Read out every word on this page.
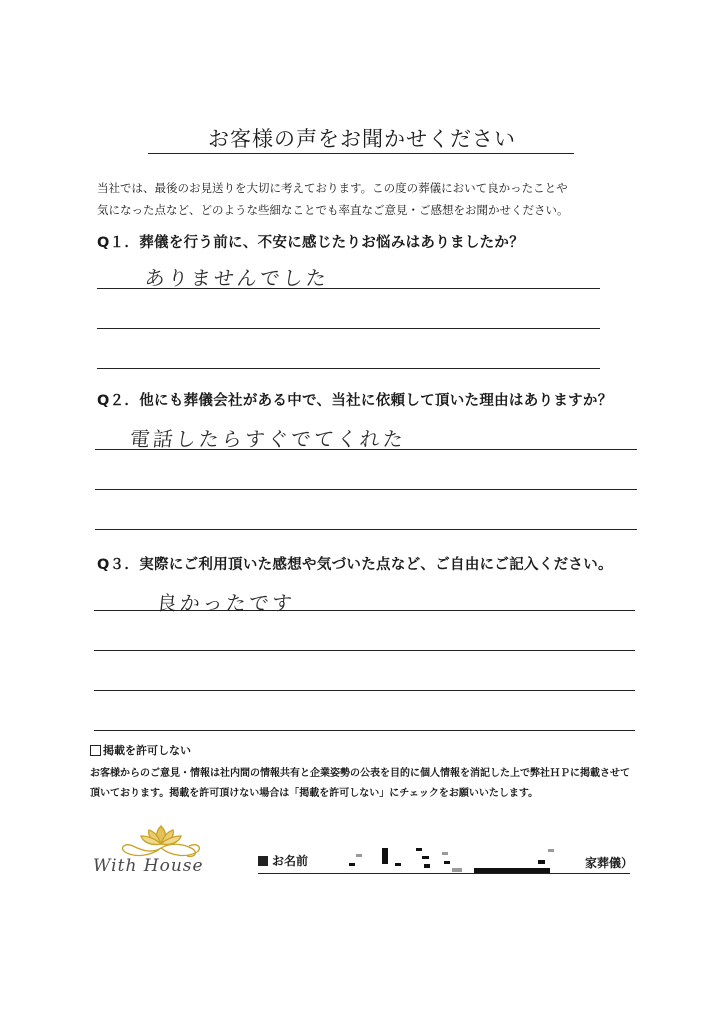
お客様の声をお聞かせください
当社では、最後のお見送りを大切に考えております。この度の葬儀において良かったことや
気になった点など、どのような些細なことでも率直なご意見・ご感想をお聞かせください。
Q１．葬儀を行う前に、不安に感じたりお悩みはありましたか？
ありませんでした
Q２．他にも葬儀会社がある中で、当社に依頼して頂いた理由はありますか？
電話したらすぐでてくれた
Q３．実際にご利用頂いた感想や気づいた点など、ご自由にご記入ください。
良かったです
掲載を許可しない
お客様からのご意見・情報は社内間の情報共有と企業姿勢の公表を目的に個人情報を消記した上で弊社ＨＰに掲載させて
頂いております。掲載を許可頂けない場合は「掲載を許可しない」にチェックをお願いいたします。
With House	お名前	家葬儀）
